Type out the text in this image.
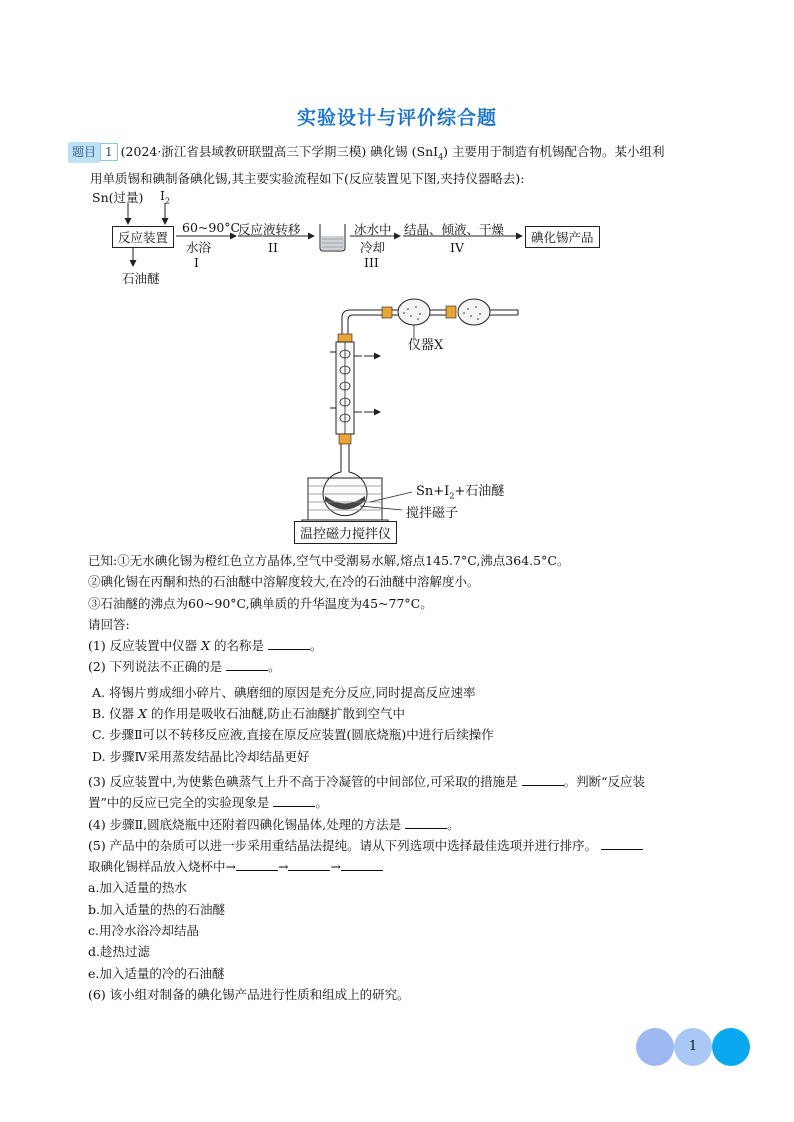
实验设计与评价综合题
题目 1 (2024·浙江省县域教研联盟高三下学期三模) 碘化锡 (SnI$_4$) 主要用于制造有机锡配合物。某小组利
用单质锡和碘制备碘化锡,其主要实验流程如下(反应装置见下图,夹持仪器略去):
Sn(过量) $I_2$
反应装置
石油醚
60~90°C
水浴
I
反应液转移
II
冰水中
冷却
III
结晶、倾液、干燥
IV
碘化锡产品
仪器X
$Sn+I_2+$石油醚
搅拌磁子
温控磁力搅拌仪
已知:①无水碘化锡为橙红色立方晶体,空气中受潮易水解,熔点145.7°C,沸点364.5°C。
②碘化锡在丙酮和热的石油醚中溶解度较大,在冷的石油醚中溶解度小。
③石油醚的沸点为60~90°C,碘单质的升华温度为45~77°C。
请回答:
(1) 反应装置中仪器 X 的名称是	。
(2) 下列说法不正确的是	。
A. 将锡片剪成细小碎片、碘磨细的原因是充分反应,同时提高反应速率
B. 仪器 X 的作用是吸收石油醚,防止石油醚扩散到空气中
C. 步骤Ⅱ可以不转移反应液,直接在原反应装置(圆底烧瓶)中进行后续操作
D. 步骤Ⅳ采用蒸发结晶比冷却结晶更好
(3) 反应装置中,为使紫色碘蒸气上升不高于冷凝管的中间部位,可采取的措施是	。判断“反应装
置”中的反应已完全的实验现象是	。
(4) 步骤Ⅱ,圆底烧瓶中还附着四碘化锡晶体,处理的方法是	。
(5) 产品中的杂质可以进一步采用重结晶法提纯。请从下列选项中选择最佳选项并进行排序。
取碘化锡样品放入烧杯中→	→	→
a.加入适量的热水
b.加入适量的热的石油醚
c.用冷水浴冷却结晶
d.趁热过滤
e.加入适量的冷的石油醚
(6) 该小组对制备的碘化锡产品进行性质和组成上的研究。
1
